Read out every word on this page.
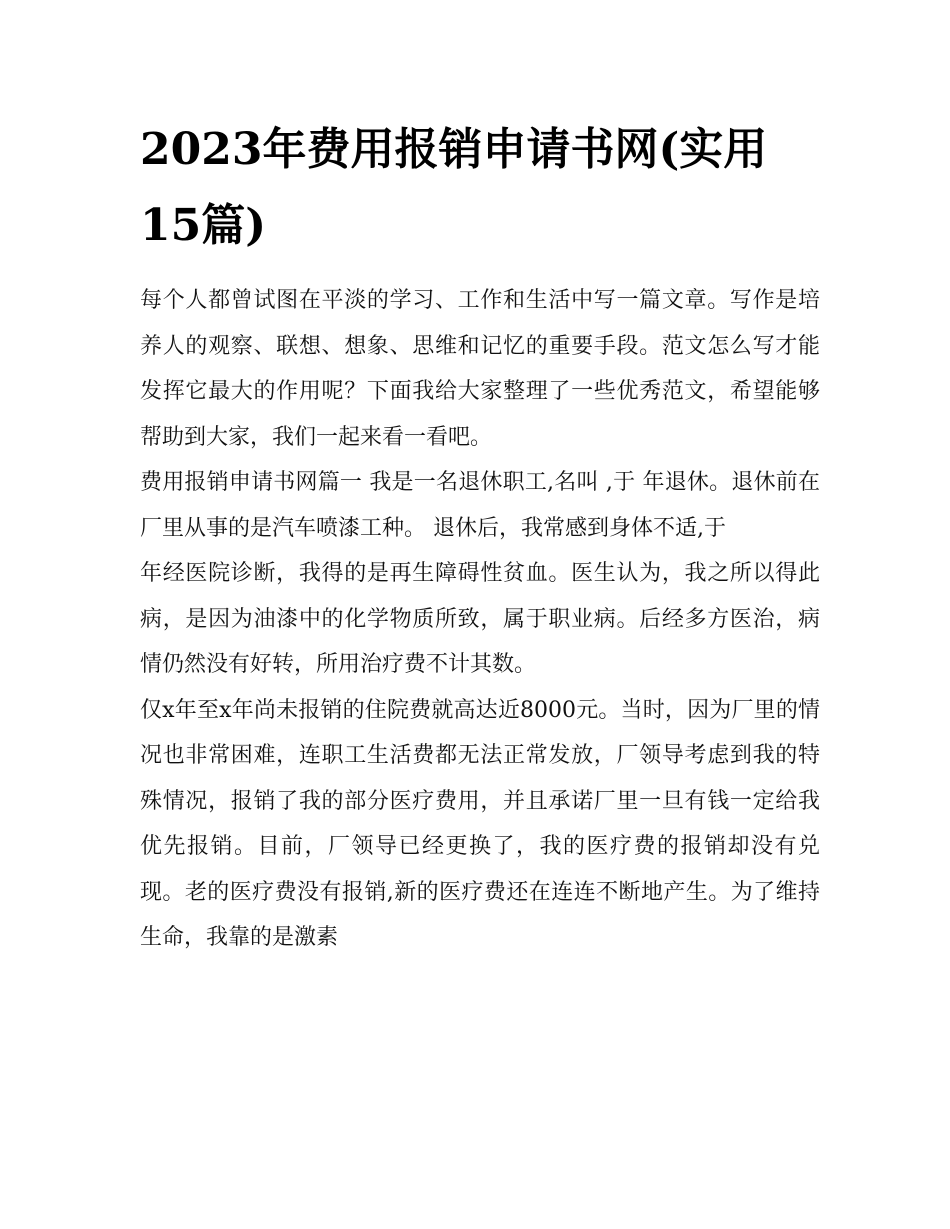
2023年费用报销申请书网(实用15篇)

每个人都曾试图在平淡的学习、工作和生活中写一篇文章。写作是培养人的观察、联想、想象、思维和记忆的重要手段。范文怎么写才能发挥它最大的作用呢？下面我给大家整理了一些优秀范文，希望能够帮助到大家，我们一起来看一看吧。

费用报销申请书网篇一 我是一名退休职工,名叫 ,于 年退休。退休前在厂里从事的是汽车喷漆工种。 退休后，我常感到身体不适,于

年经医院诊断，我得的是再生障碍性贫血。医生认为，我之所以得此病，是因为油漆中的化学物质所致，属于职业病。后经多方医治，病情仍然没有好转，所用治疗费不计其数。

仅x年至x年尚未报销的住院费就高达近8000元。当时，因为厂里的情况也非常困难，连职工生活费都无法正常发放，厂领导考虑到我的特殊情况，报销了我的部分医疗费用，并且承诺厂里一旦有钱一定给我优先报销。目前，厂领导已经更换了，我的医疗费的报销却没有兑现。老的医疗费没有报销,新的医疗费还在连连不断地产生。为了维持生命，我靠的是激素
